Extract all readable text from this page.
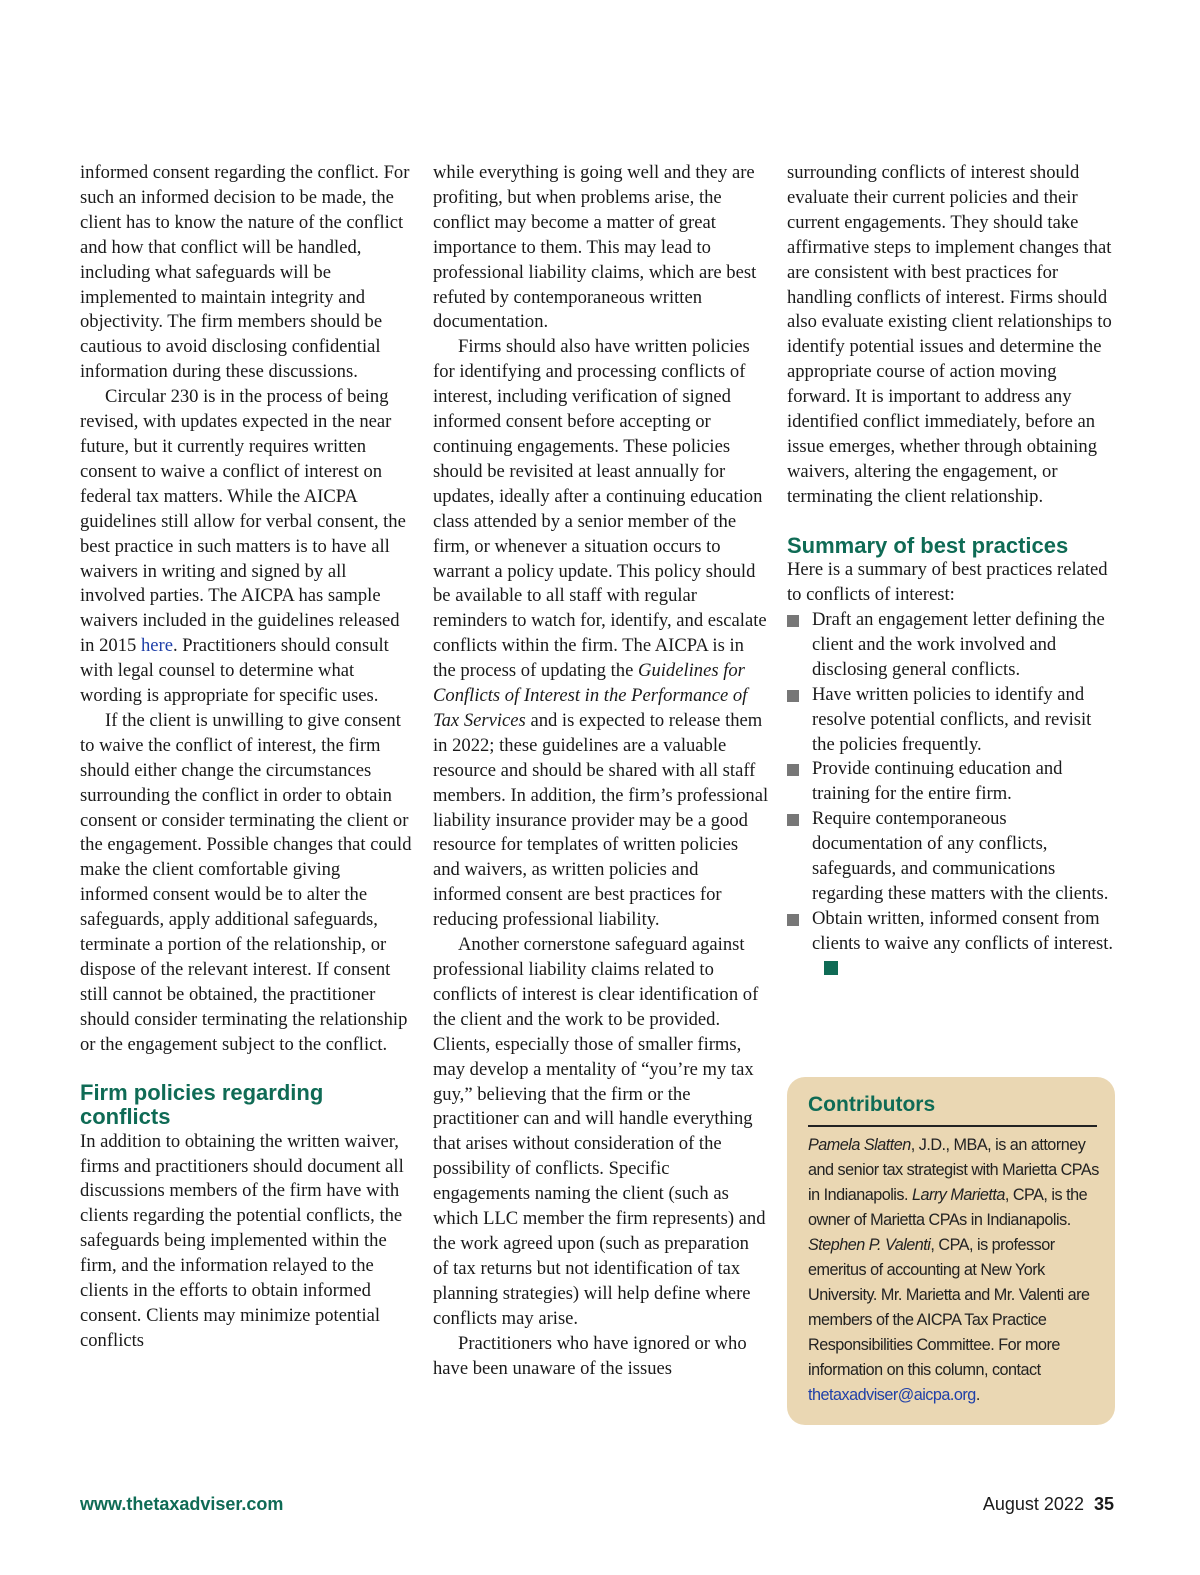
informed consent regarding the conflict. For such an informed decision to be made, the client has to know the nature of the conflict and how that conflict will be handled, including what safeguards will be implemented to maintain integrity and objectivity. The firm members should be cautious to avoid disclosing confidential information during these discussions.

Circular 230 is in the process of being revised, with updates expected in the near future, but it currently requires written consent to waive a conflict of interest on federal tax matters. While the AICPA guidelines still allow for verbal consent, the best practice in such matters is to have all waivers in writing and signed by all involved parties. The AICPA has sample waivers included in the guidelines released in 2015 here. Practitioners should consult with legal counsel to determine what wording is appropriate for specific uses.

If the client is unwilling to give consent to waive the conflict of interest, the firm should either change the circumstances surrounding the conflict in order to obtain consent or consider terminating the client or the engagement. Possible changes that could make the client comfortable giving informed consent would be to alter the safeguards, apply additional safeguards, terminate a portion of the relationship, or dispose of the relevant interest. If consent still cannot be obtained, the practitioner should consider terminating the relationship or the engagement subject to the conflict.

Firm policies regarding conflicts

In addition to obtaining the written waiver, firms and practitioners should document all discussions members of the firm have with clients regarding the potential conflicts, the safeguards being implemented within the firm, and the information relayed to the clients in the efforts to obtain informed consent. Clients may minimize potential conflicts

while everything is going well and they are profiting, but when problems arise, the conflict may become a matter of great importance to them. This may lead to professional liability claims, which are best refuted by contemporaneous written documentation.

Firms should also have written policies for identifying and processing conflicts of interest, including verification of signed informed consent before accepting or continuing engagements. These policies should be revisited at least annually for updates, ideally after a continuing education class attended by a senior member of the firm, or whenever a situation occurs to warrant a policy update. This policy should be available to all staff with regular reminders to watch for, identify, and escalate conflicts within the firm. The AICPA is in the process of updating the Guidelines for Conflicts of Interest in the Performance of Tax Services and is expected to release them in 2022; these guidelines are a valuable resource and should be shared with all staff members. In addition, the firm’s professional liability insurance provider may be a good resource for templates of written policies and waivers, as written policies and informed consent are best practices for reducing professional liability.

Another cornerstone safeguard against professional liability claims related to conflicts of interest is clear identification of the client and the work to be provided. Clients, especially those of smaller firms, may develop a mentality of “you’re my tax guy,” believing that the firm or the practitioner can and will handle everything that arises without consideration of the possibility of conflicts. Specific engagements naming the client (such as which LLC member the firm represents) and the work agreed upon (such as preparation of tax returns but not identification of tax planning strategies) will help define where conflicts may arise.

Practitioners who have ignored or who have been unaware of the issues

surrounding conflicts of interest should evaluate their current policies and their current engagements. They should take affirmative steps to implement changes that are consistent with best practices for handling conflicts of interest. Firms should also evaluate existing client relationships to identify potential issues and determine the appropriate course of action moving forward. It is important to address any identified conflict immediately, before an issue emerges, whether through obtaining waivers, altering the engagement, or terminating the client relationship.

Summary of best practices

Here is a summary of best practices related to conflicts of interest:

Draft an engagement letter defining the client and the work involved and disclosing general conflicts.
Have written policies to identify and resolve potential conflicts, and revisit the policies frequently.
Provide continuing education and training for the entire firm.
Require contemporaneous documentation of any conflicts, safeguards, and communications regarding these matters with the clients.
Obtain written, informed consent from clients to waive any conflicts of interest.
Contributors
Pamela Slatten, J.D., MBA, is an attorney and senior tax strategist with Marietta CPAs in Indianapolis. Larry Marietta, CPA, is the owner of Marietta CPAs in Indianapolis. Stephen P. Valenti, CPA, is professor emeritus of accounting at New York University. Mr. Marietta and Mr. Valenti are members of the AICPA Tax Practice Responsibilities Committee. For more information on this column, contact thetaxadviser@aicpa.org.
www.thetaxadviser.com	August 2022 35
